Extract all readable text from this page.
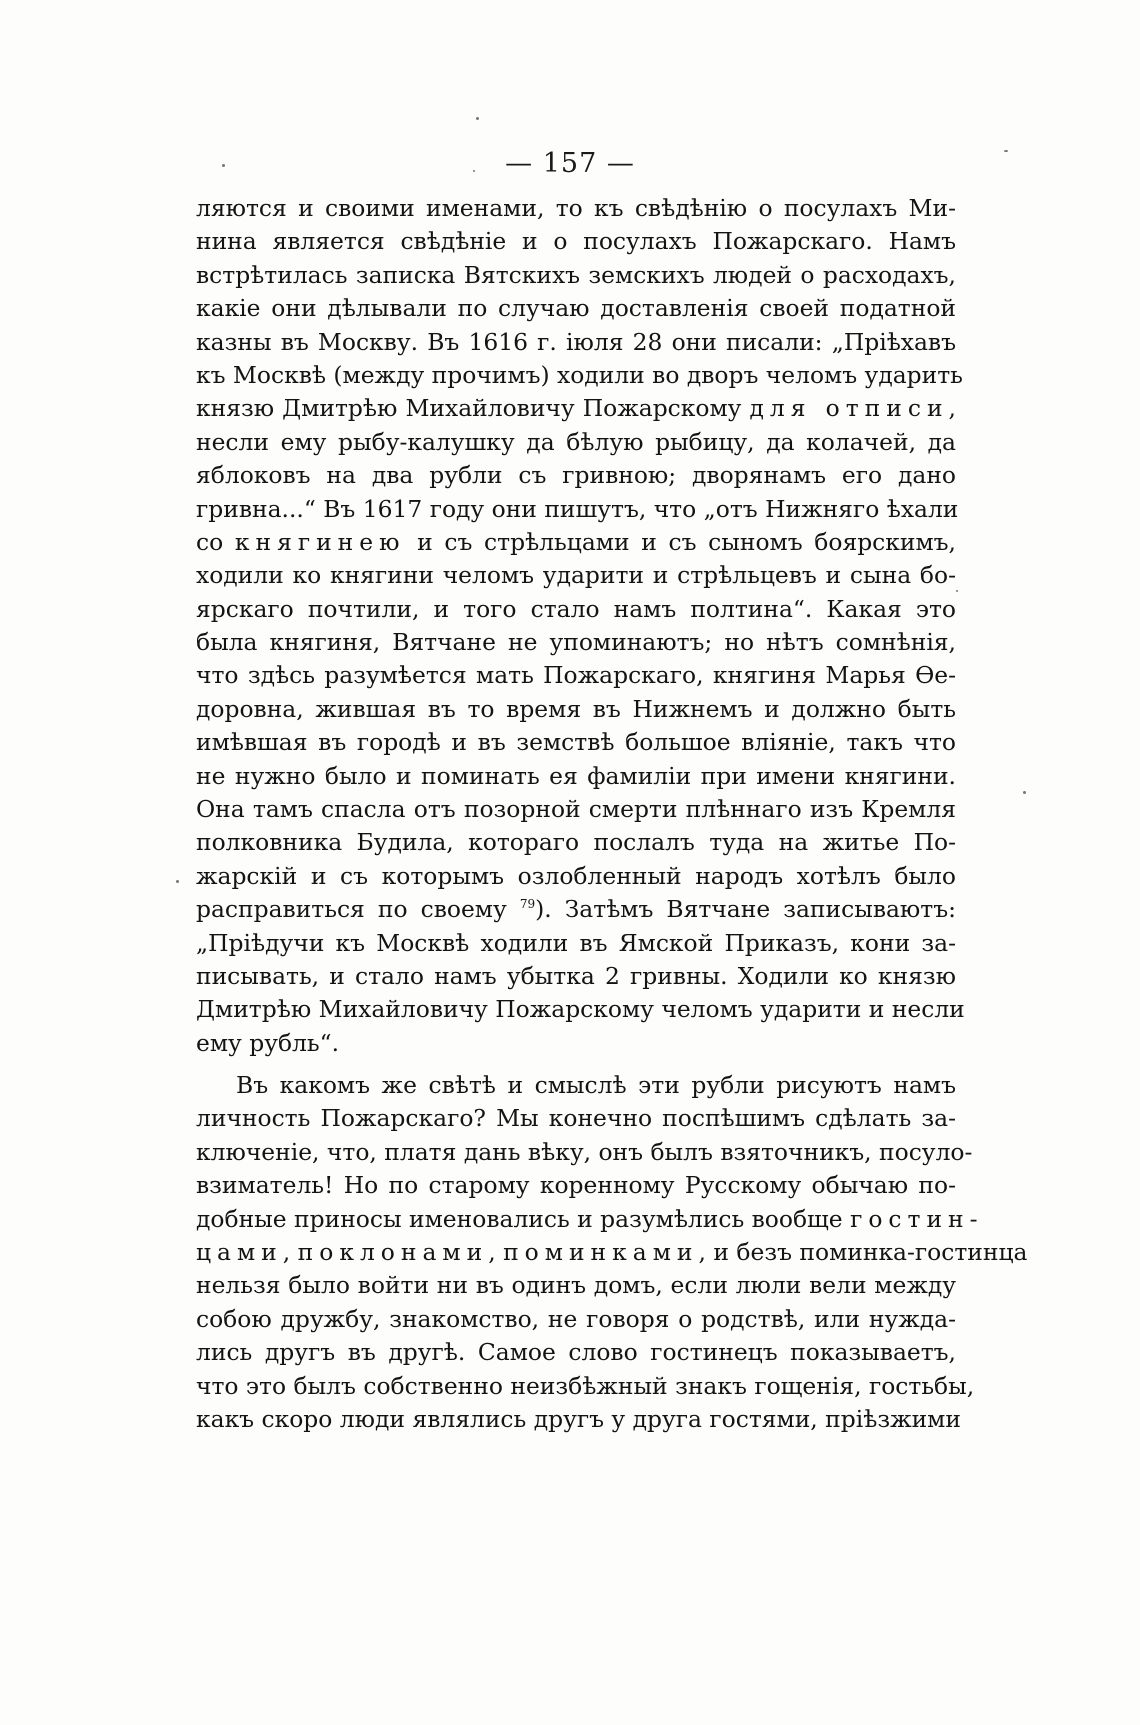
— 157 —
ляются и своими именами, то къ свѣдѣнію о посулахъ Ми-
нина является свѣдѣніе и о посулахъ Пожарскаго. Намъ
встрѣтилась записка Вятскихъ земскихъ людей о расходахъ,
какіе они дѣлывали по случаю доставленія своей податной
казны въ Москву. Въ 1616 г. іюля 28 они писали: „Пріѣхавъ
къ Москвѣ (между прочимъ) ходили во дворъ челомъ ударить
князю Дмитрѣю Михайловичу Пожарскому для отписи,
несли ему рыбу-калушку да бѣлую рыбицу, да колачей, да
яблоковъ на два рубли съ гривною; дворянамъ его дано
гривна...“ Въ 1617 году они пишутъ, что „отъ Нижняго ѣхали
со княгинею и съ стрѣльцами и съ сыномъ боярскимъ,
ходили ко княгини челомъ ударити и стрѣльцевъ и сына бо-
ярскаго почтили, и того стало намъ полтина“. Какая это
была княгиня, Вятчане не упоминаютъ; но нѣтъ сомнѣнія,
что здѣсь разумѣется мать Пожарскаго, княгиня Марья Ѳе-
доровна, жившая въ то время въ Нижнемъ и должно быть
имѣвшая въ городѣ и въ земствѣ большое вліяніе, такъ что
не нужно было и поминать ея фамиліи при имени княгини.
Она тамъ спасла отъ позорной смерти плѣннаго изъ Кремля
полковника Будила, котораго послалъ туда на житье По-
жарскій и съ которымъ озлобленный народъ хотѣлъ было
расправиться по своему $^{79}$). Затѣмъ Вятчане записываютъ:
„Пріѣдучи къ Москвѣ ходили въ Ямской Приказъ, кони за-
писывать, и стало намъ убытка 2 гривны. Ходили ко князю
Дмитрѣю Михайловичу Пожарскому челомъ ударити и несли
ему рубль“.
Въ какомъ же свѣтѣ и смыслѣ эти рубли рисуютъ намъ
личность Пожарскаго? Мы конечно поспѣшимъ сдѣлать за-
ключеніе, что, платя дань вѣку, онъ былъ взяточникъ, посуло-
взиматель! Но по старому коренному Русскому обычаю по-
добные приносы именовались и разумѣлись вообще гостин-
цами, поклонами, поминками, и безъ поминка-гостинца
нельзя было войти ни въ одинъ домъ, если люли вели между
собою дружбу, знакомство, не говоря о родствѣ, или нужда-
лись другъ въ другѣ. Самое слово гостинецъ показываетъ,
что это былъ собственно неизбѣжный знакъ гощенія, гостьбы,
какъ скоро люди являлись другъ у друга гостями, пріѣзжими
